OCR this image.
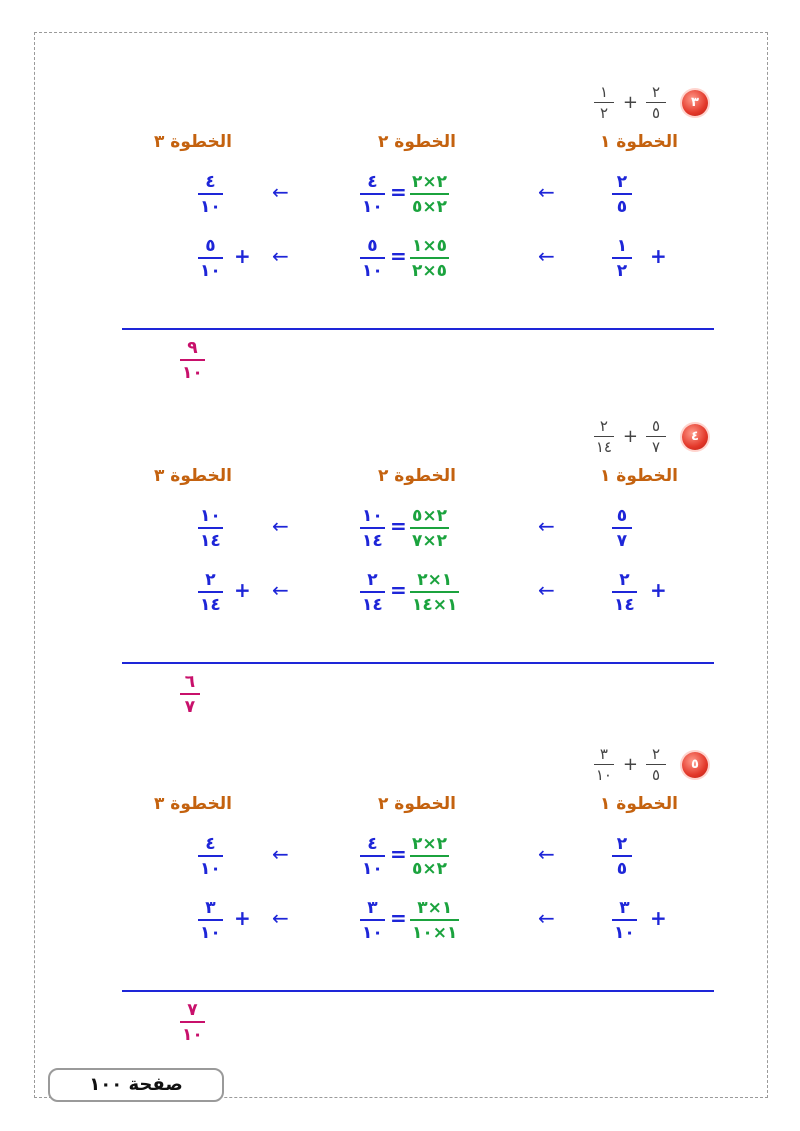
٣
١
٢ + ٢
٥
الخطوة ١
الخطوة ٢
الخطوة ٣
٢
٥
←
٢×٢
٢×٥
=
٤
١٠
←
٤
١٠
١
٢
+
←
٥×١
٥×٢
=
٥
١٠
←
٥
١٠
+
٩
١٠
٤
٢
١٤ + ٥
٧
الخطوة ١
الخطوة ٢
الخطوة ٣
٥
٧
←
٢×٥
٢×٧
=
١٠
١٤
←
١٠
١٤
٢
١٤
+
←
١×٢
١×١٤
=
٢
١٤
←
٢
١٤
+
٦
٧
٥
٣
١٠ + ٢
٥
الخطوة ١
الخطوة ٢
الخطوة ٣
٢
٥
←
٢×٢
٢×٥
=
٤
١٠
←
٤
١٠
٣
١٠
+
←
١×٣
١×١٠
=
٣
١٠
←
٣
١٠
+
٧
١٠
صفحة ١٠٠
